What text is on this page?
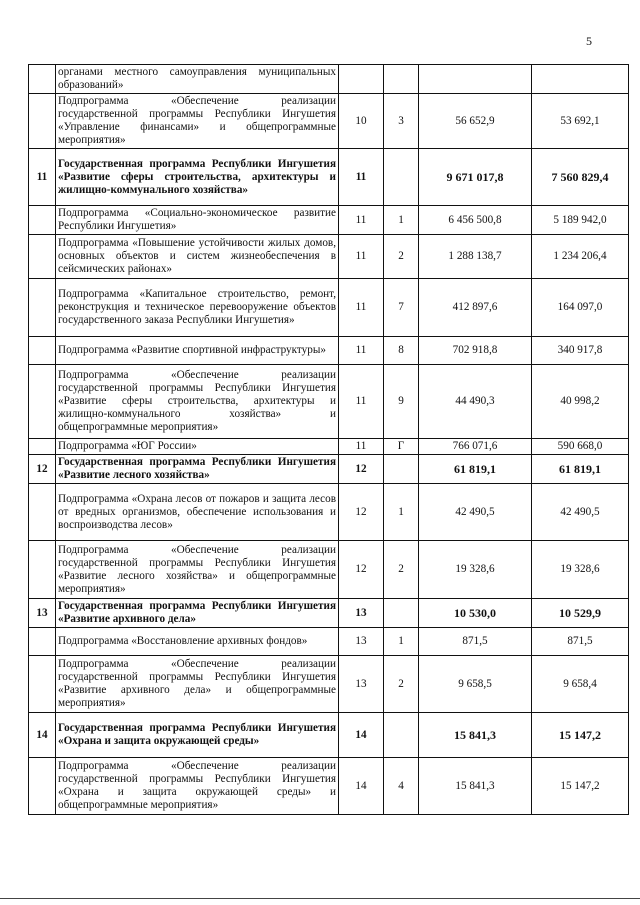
5
	органами местного самоуправления муниципальных образований»				
	Подпрограмма «Обеспечение реализации государственной программы Республики Ингушетия «Управление финансами» и общепрограммные мероприятия»	10	3	56 652,9	53 692,1
11	Государственная программа Республики Ингушетия «Развитие сферы строительства, архитектуры и жилищно-коммунального хозяйства»	11		9 671 017,8	7 560 829,4
	Подпрограмма «Социально-экономическое развитие Республики Ингушетия»	11	1	6 456 500,8	5 189 942,0
	Подпрограмма «Повышение устойчивости жилых домов, основных объектов и систем жизнеобеспечения в сейсмических районах»	11	2	1 288 138,7	1 234 206,4
	Подпрограмма «Капитальное строительство, ремонт, реконструкция и техническое перевооружение объектов государственного заказа Республики Ингушетия»	11	7	412 897,6	164 097,0
	Подпрограмма «Развитие спортивной инфраструктуры»	11	8	702 918,8	340 917,8
	Подпрограмма «Обеспечение реализации государственной программы Республики Ингушетия «Развитие сферы строительства, архитектуры и жилищно-коммунального хозяйства» и общепрограммные мероприятия»	11	9	44 490,3	40 998,2
	Подпрограмма «ЮГ России»	11	Г	766 071,6	590 668,0
12	Государственная программа Республики Ингушетия «Развитие лесного хозяйства»	12		61 819,1	61 819,1
	Подпрограмма «Охрана лесов от пожаров и защита лесов от вредных организмов, обеспечение использования и воспроизводства лесов»	12	1	42 490,5	42 490,5
	Подпрограмма «Обеспечение реализации государственной программы Республики Ингушетия «Развитие лесного хозяйства» и общепрограммные мероприятия»	12	2	19 328,6	19 328,6
13	Государственная программа Республики Ингушетия «Развитие архивного дела»	13		10 530,0	10 529,9
	Подпрограмма «Восстановление архивных фондов»	13	1	871,5	871,5
	Подпрограмма «Обеспечение реализации государственной программы Республики Ингушетия «Развитие архивного дела» и общепрограммные мероприятия»	13	2	9 658,5	9 658,4
14	Государственная программа Республики Ингушетия «Охрана и защита окружающей среды»	14		15 841,3	15 147,2
	Подпрограмма «Обеспечение реализации государственной программы Республики Ингушетия «Охрана и защита окружающей среды» и общепрограммные мероприятия»	14	4	15 841,3	15 147,2
